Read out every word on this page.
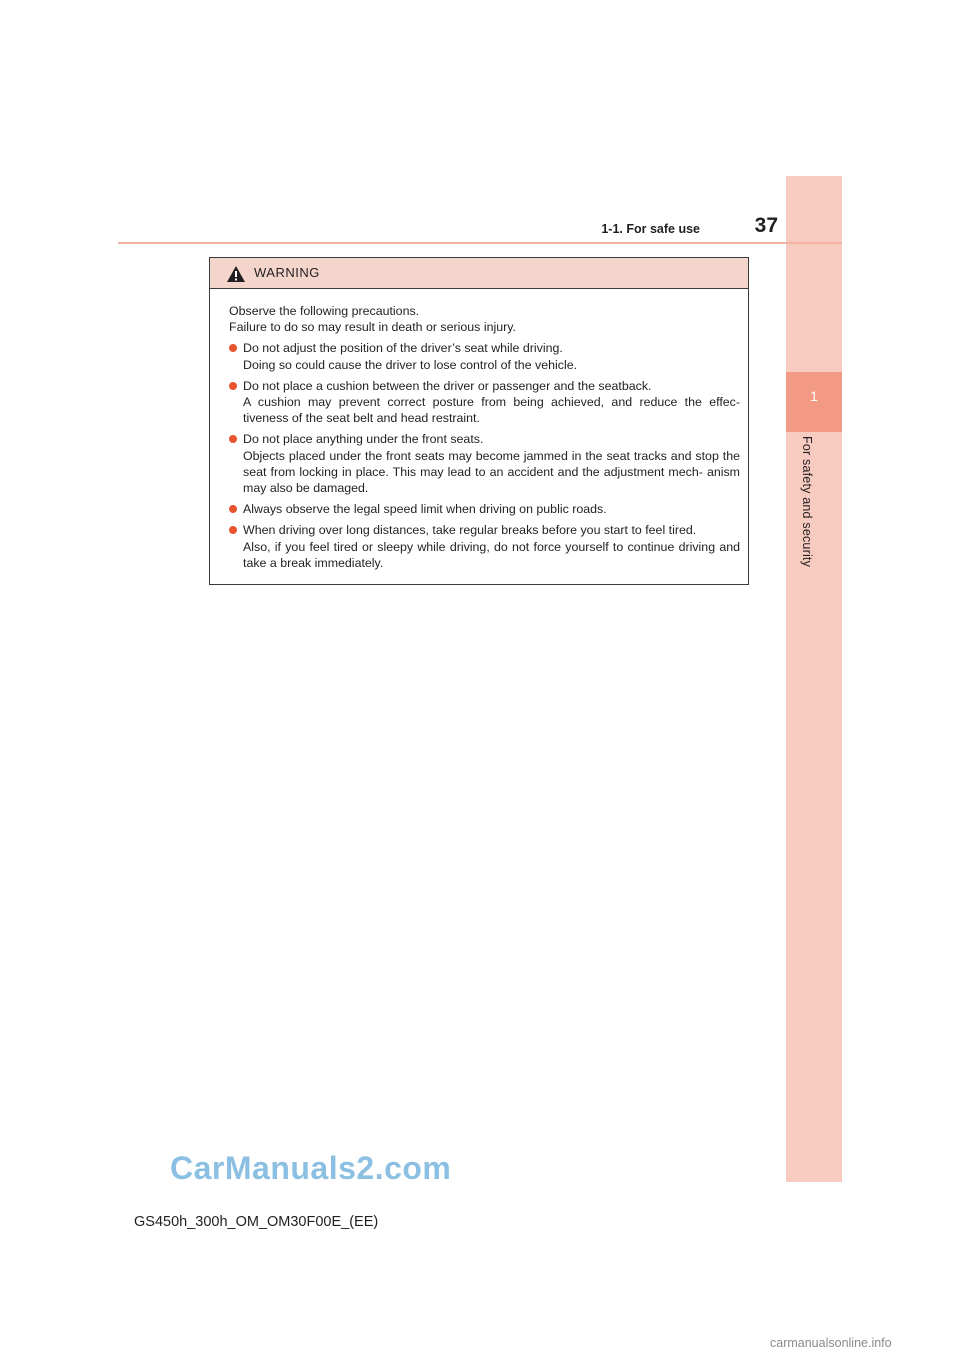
1
For safety and security
1-1. For safe use	37
WARNING

Observe the following precautions.

Failure to do so may result in death or serious injury.

Do not adjust the position of the driver’s seat while driving.

Doing so could cause the driver to lose control of the vehicle.

Do not place a cushion between the driver or passenger and the seatback.

A cushion may prevent correct posture from being achieved, and reduce the effec- tiveness of the seat belt and head restraint.

Do not place anything under the front seats.

Objects placed under the front seats may become jammed in the seat tracks and stop the seat from locking in place. This may lead to an accident and the adjustment mech- anism may also be damaged.

Always observe the legal speed limit when driving on public roads.

When driving over long distances, take regular breaks before you start to feel tired.

Also, if you feel tired or sleepy while driving, do not force yourself to continue driving and take a break immediately.

CarManuals2.com
GS450h_300h_OM_OM30F00E_(EE)
carmanualsonline.info
